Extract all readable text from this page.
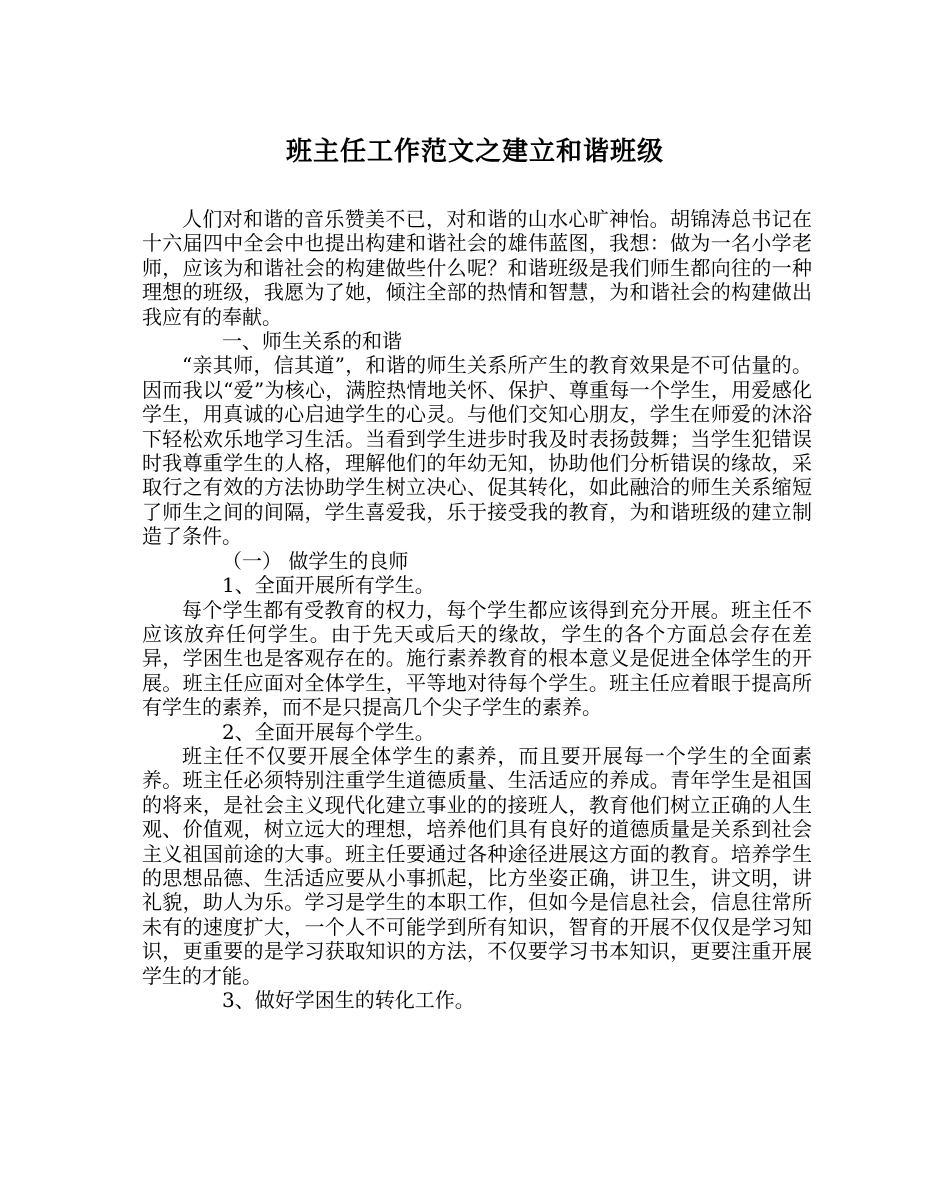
班主任工作范文之建立和谐班级

人们对和谐的音乐赞美不已，对和谐的山水心旷神怡。胡锦涛总书记在十六届四中全会中也提出构建和谐社会的雄伟蓝图，我想：做为一名小学老师，应该为和谐社会的构建做些什么呢？和谐班级是我们师生都向往的一种理想的班级，我愿为了她，倾注全部的热情和智慧，为和谐社会的构建做出我应有的奉献。

一、师生关系的和谐

“亲其师，信其道”，和谐的师生关系所产生的教育效果是不可估量的。因而我以“爱”为核心，满腔热情地关怀、保护、尊重每一个学生，用爱感化学生，用真诚的心启迪学生的心灵。与他们交知心朋友，学生在师爱的沐浴下轻松欢乐地学习生活。当看到学生进步时我及时表扬鼓舞；当学生犯错误时我尊重学生的人格，理解他们的年幼无知，协助他们分析错误的缘故，采取行之有效的方法协助学生树立决心、促其转化，如此融洽的师生关系缩短了师生之间的间隔，学生喜爱我，乐于接受我的教育，为和谐班级的建立制造了条件。

（一） 做学生的良师

1、全面开展所有学生。

每个学生都有受教育的权力，每个学生都应该得到充分开展。班主任不应该放弃任何学生。由于先天或后天的缘故，学生的各个方面总会存在差异，学困生也是客观存在的。施行素养教育的根本意义是促进全体学生的开展。班主任应面对全体学生，平等地对待每个学生。班主任应着眼于提高所有学生的素养，而不是只提高几个尖子学生的素养。

2、全面开展每个学生。

班主任不仅要开展全体学生的素养，而且要开展每一个学生的全面素养。班主任必须特别注重学生道德质量、生活适应的养成。青年学生是祖国的将来，是社会主义现代化建立事业的的接班人，教育他们树立正确的人生观、价值观，树立远大的理想，培养他们具有良好的道德质量是关系到社会主义祖国前途的大事。班主任要通过各种途径进展这方面的教育。培养学生的思想品德、生活适应要从小事抓起，比方坐姿正确，讲卫生，讲文明，讲礼貌，助人为乐。学习是学生的本职工作，但如今是信息社会，信息往常所未有的速度扩大，一个人不可能学到所有知识，智育的开展不仅仅是学习知识，更重要的是学习获取知识的方法，不仅要学习书本知识，更要注重开展学生的才能。

3、做好学困生的转化工作。
